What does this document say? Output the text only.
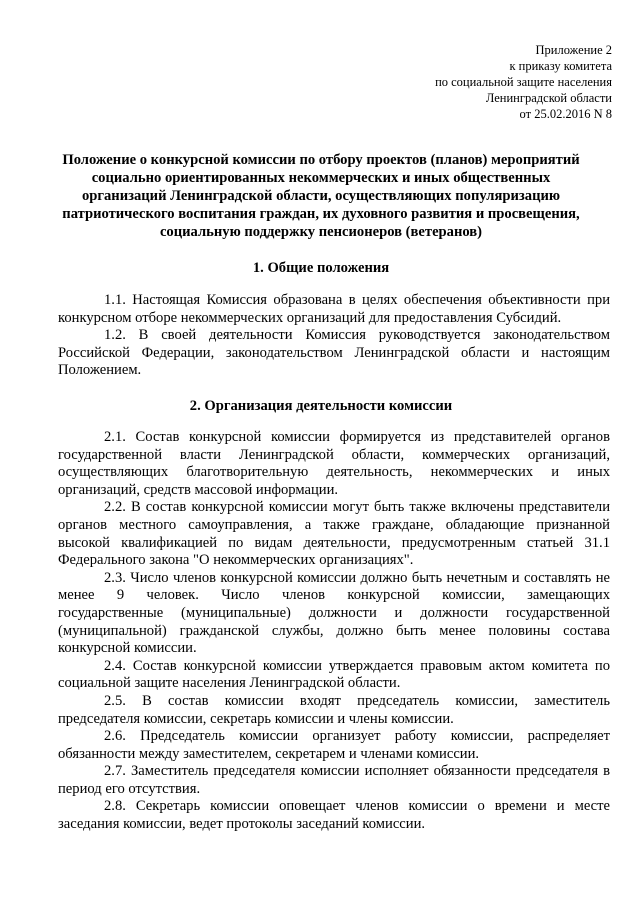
Приложение 2
к приказу комитета
по социальной защите населения
Ленинградской области
от 25.02.2016 N 8
Положение о конкурсной комиссии по отбору проектов (планов) мероприятий
социально ориентированных некоммерческих и иных общественных
организаций Ленинградской области, осуществляющих популяризацию
патриотического воспитания граждан, их духовного развития и просвещения,
социальную поддержку пенсионеров (ветеранов)
1. Общие положения
1.1. Настоящая Комиссия образована в целях обеспечения объективности при
конкурсном отборе некоммерческих организаций для предоставления Субсидий.
1.2. В своей деятельности Комиссия руководствуется законодательством
Российской Федерации, законодательством Ленинградской области и настоящим
Положением.
2. Организация деятельности комиссии
2.1. Состав конкурсной комиссии формируется из представителей органов
государственной власти Ленинградской области, коммерческих организаций,
осуществляющих благотворительную деятельность, некоммерческих и иных
организаций, средств массовой информации.
2.2. В состав конкурсной комиссии могут быть также включены представители
органов местного самоуправления, а также граждане, обладающие признанной
высокой квалификацией по видам деятельности, предусмотренным статьей 31.1
Федерального закона "О некоммерческих организациях".
2.3. Число членов конкурсной комиссии должно быть нечетным и составлять не
менее 9 человек. Число членов конкурсной комиссии, замещающих
государственные (муниципальные) должности и должности государственной
(муниципальной) гражданской службы, должно быть менее половины состава
конкурсной комиссии.
2.4. Состав конкурсной комиссии утверждается правовым актом комитета по
социальной защите населения Ленинградской области.
2.5. В состав комиссии входят председатель комиссии, заместитель
председателя комиссии, секретарь комиссии и члены комиссии.
2.6. Председатель комиссии организует работу комиссии, распределяет
обязанности между заместителем, секретарем и членами комиссии.
2.7. Заместитель председателя комиссии исполняет обязанности председателя в
период его отсутствия.
2.8. Секретарь комиссии оповещает членов комиссии о времени и месте
заседания комиссии, ведет протоколы заседаний комиссии.
